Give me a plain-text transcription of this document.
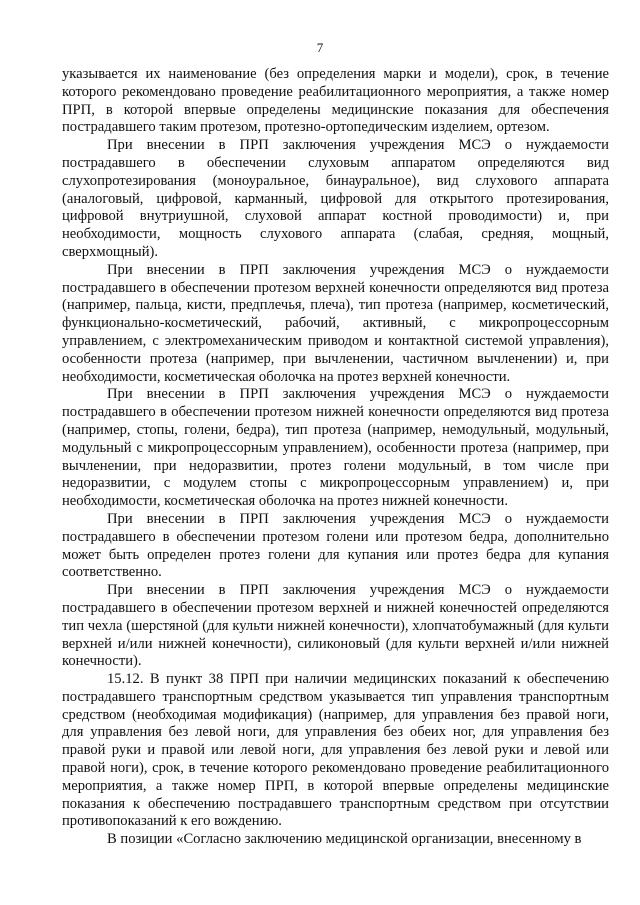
7

указывается их наименование (без определения марки и модели), срок, в течение которого рекомендовано проведение реабилитационного мероприятия, а также номер ПРП, в которой впервые определены медицинские показания для обеспечения пострадавшего таким протезом, протезно-ортопедическим изделием, ортезом.

При внесении в ПРП заключения учреждения МСЭ о нуждаемости пострадавшего в обеспечении слуховым аппаратом определяются вид слухопротезирования (моноуральное, бинауральное), вид слухового аппарата (аналоговый, цифровой, карманный, цифровой для открытого протезирования, цифровой внутриушной, слуховой аппарат костной проводимости) и, при необходимости, мощность слухового аппарата (слабая, средняя, мощный, сверхмощный).

При внесении в ПРП заключения учреждения МСЭ о нуждаемости пострадавшего в обеспечении протезом верхней конечности определяются вид протеза (например, пальца, кисти, предплечья, плеча), тип протеза (например, косметический, функционально-косметический, рабочий, активный, с микропроцессорным управлением, с электромеханическим приводом и контактной системой управления), особенности протеза (например, при вычленении, частичном вычленении) и, при необходимости, косметическая оболочка на протез верхней конечности.

При внесении в ПРП заключения учреждения МСЭ о нуждаемости пострадавшего в обеспечении протезом нижней конечности определяются вид протеза (например, стопы, голени, бедра), тип протеза (например, немодульный, модульный, модульный с микропроцессорным управлением), особенности протеза (например, при вычленении, при недоразвитии, протез голени модульный, в том числе при недоразвитии, с модулем стопы с микропроцессорным управлением) и, при необходимости, косметическая оболочка на протез нижней конечности.

При внесении в ПРП заключения учреждения МСЭ о нуждаемости пострадавшего в обеспечении протезом голени или протезом бедра, дополнительно может быть определен протез голени для купания или протез бедра для купания соответственно.

При внесении в ПРП заключения учреждения МСЭ о нуждаемости пострадавшего в обеспечении протезом верхней и нижней конечностей определяются тип чехла (шерстяной (для культи нижней конечности), хлопчатобумажный (для культи верхней и/или нижней конечности), силиконовый (для культи верхней и/или нижней конечности).

15.12. В пункт 38 ПРП при наличии медицинских показаний к обеспечению пострадавшего транспортным средством указывается тип управления транспортным средством (необходимая модификация) (например, для управления без правой ноги, для управления без левой ноги, для управления без обеих ног, для управления без правой руки и правой или левой ноги, для управления без левой руки и левой или правой ноги), срок, в течение которого рекомендовано проведение реабилитационного мероприятия, а также номер ПРП, в которой впервые определены медицинские показания к обеспечению пострадавшего транспортным средством при отсутствии противопоказаний к его вождению.

В позиции «Согласно заключению медицинской организации, внесенному в
